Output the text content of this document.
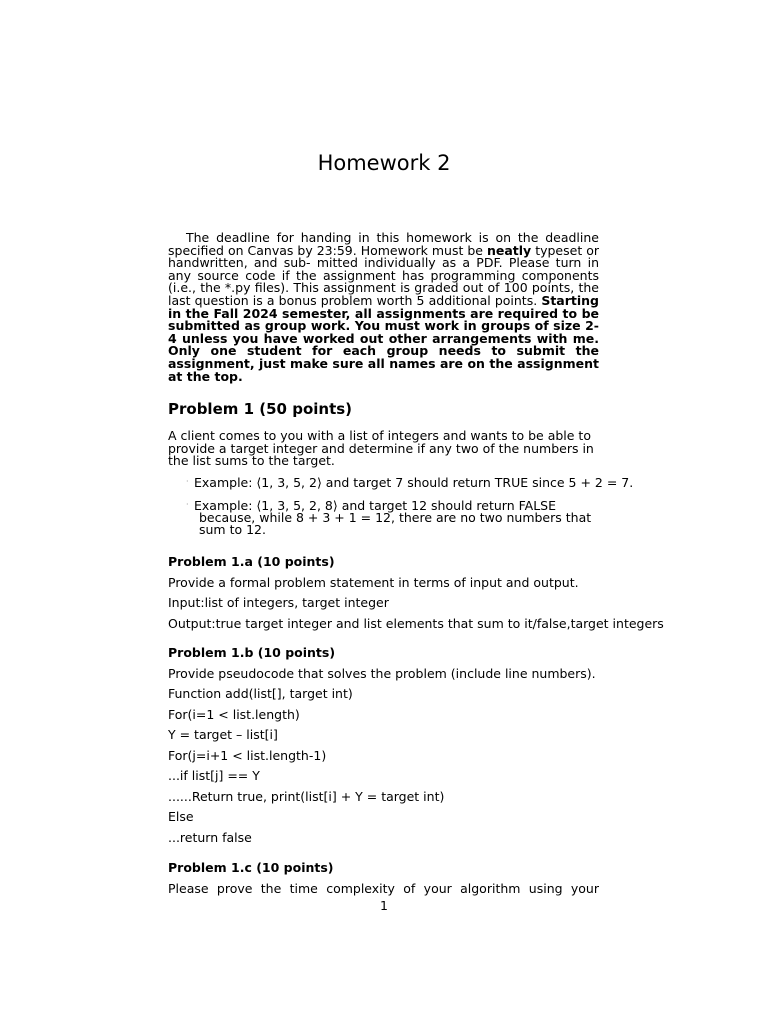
Homework 2

The deadline for handing in this homework is on the deadline specified on Canvas by 23:59. Homework must be neatly typeset or handwritten, and sub- mitted individually as a PDF. Please turn in any source code if the assignment has programming components (i.e., the *.py files). This assignment is graded out of 100 points, the last question is a bonus problem worth 5 additional points. Starting in the Fall 2024 semester, all assignments are required to be submitted as group work. You must work in groups of size 2-4 unless you have worked out other arrangements with me. Only one student for each group needs to submit the assignment, just make sure all names are on the assignment at the top.

Problem 1 (50 points)

A client comes to you with a list of integers and wants to be able to provide a target integer and determine if any two of the numbers in the list sums to the target.

· Example: ⟨1, 3, 5, 2⟩ and target 7 should return TRUE since 5 + 2 = 7.
· Example: ⟨1, 3, 5, 2, 8⟩ and target 12 should return FALSE
because, while 8 + 3 + 1 = 12, there are no two numbers that sum to 12.
Problem 1.a (10 points)

Provide a formal problem statement in terms of input and output.

Input:list of integers, target integer

Output:true target integer and list elements that sum to it/false,target integers

Problem 1.b (10 points)

Provide pseudocode that solves the problem (include line numbers).

Function add(list[], target int)

For(i=1 < list.length)

Y = target – list[i]

For(j=i+1 < list.length-1)

...if list[j] == Y

......Return true, print(list[i] + Y = target int)

Else

...return false

Problem 1.c (10 points)

Please prove the time complexity of your algorithm using your

1
